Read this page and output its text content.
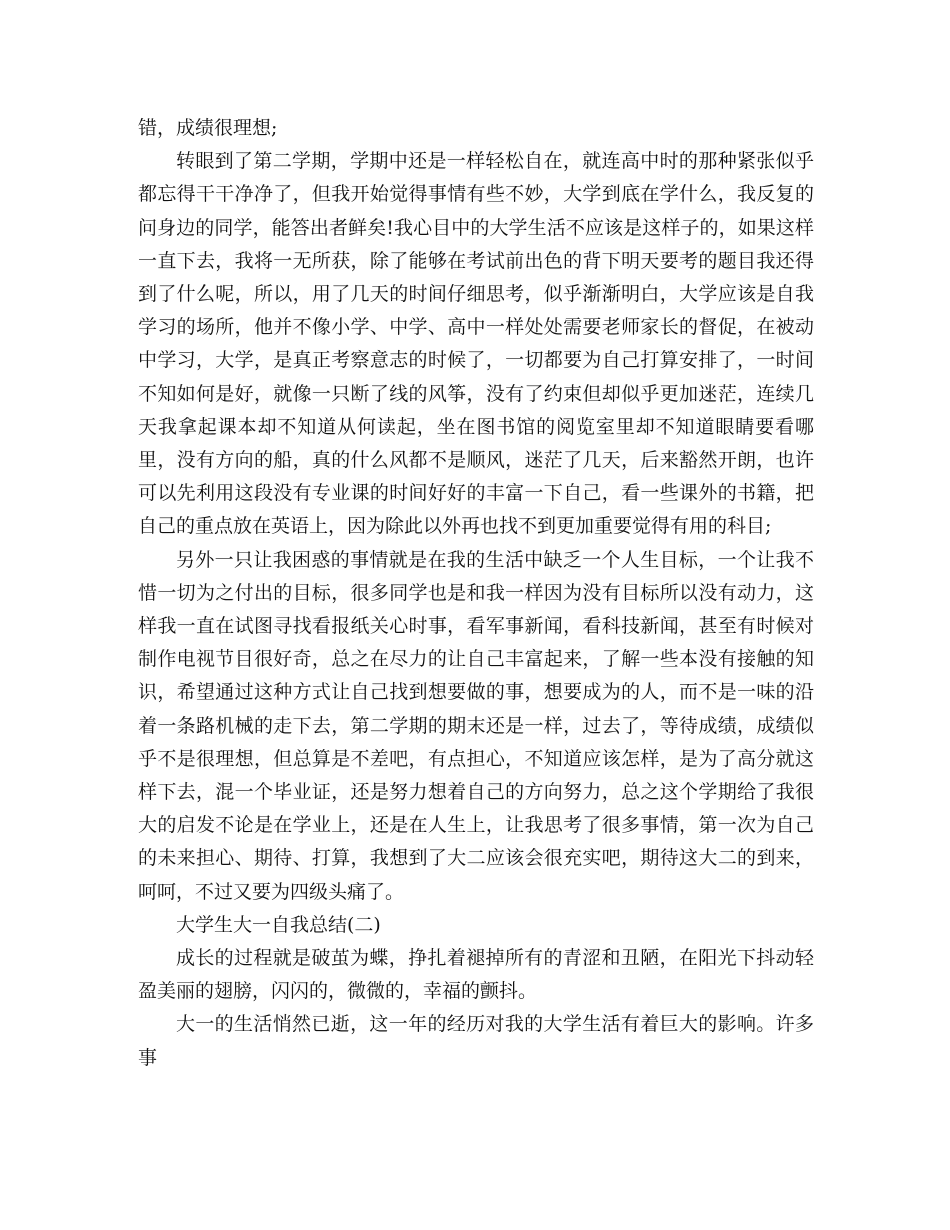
错，成绩很理想;

转眼到了第二学期，学期中还是一样轻松自在，就连高中时的那种紧张似乎都忘得干干净净了，但我开始觉得事情有些不妙，大学到底在学什么，我反复的问身边的同学，能答出者鲜矣!我心目中的大学生活不应该是这样子的，如果这样一直下去，我将一无所获，除了能够在考试前出色的背下明天要考的题目我还得到了什么呢，所以，用了几天的时间仔细思考，似乎渐渐明白，大学应该是自我学习的场所，他并不像小学、中学、高中一样处处需要老师家长的督促，在被动中学习，大学，是真正考察意志的时候了，一切都要为自己打算安排了，一时间不知如何是好，就像一只断了线的风筝，没有了约束但却似乎更加迷茫，连续几天我拿起课本却不知道从何读起，坐在图书馆的阅览室里却不知道眼睛要看哪里，没有方向的船，真的什么风都不是顺风，迷茫了几天，后来豁然开朗，也许可以先利用这段没有专业课的时间好好的丰富一下自己，看一些课外的书籍，把自己的重点放在英语上，因为除此以外再也找不到更加重要觉得有用的科目;

另外一只让我困惑的事情就是在我的生活中缺乏一个人生目标，一个让我不惜一切为之付出的目标，很多同学也是和我一样因为没有目标所以没有动力，这样我一直在试图寻找看报纸关心时事，看军事新闻，看科技新闻，甚至有时候对制作电视节目很好奇，总之在尽力的让自己丰富起来，了解一些本没有接触的知识，希望通过这种方式让自己找到想要做的事，想要成为的人，而不是一味的沿着一条路机械的走下去，第二学期的期末还是一样，过去了，等待成绩，成绩似乎不是很理想，但总算是不差吧，有点担心，不知道应该怎样，是为了高分就这样下去，混一个毕业证，还是努力想着自己的方向努力，总之这个学期给了我很大的启发不论是在学业上，还是在人生上，让我思考了很多事情，第一次为自己的未来担心、期待、打算，我想到了大二应该会很充实吧，期待这大二的到来，呵呵，不过又要为四级头痛了。

大学生大一自我总结(二)

成长的过程就是破茧为蝶，挣扎着褪掉所有的青涩和丑陋，在阳光下抖动轻盈美丽的翅膀，闪闪的，微微的，幸福的颤抖。

大一的生活悄然已逝，这一年的经历对我的大学生活有着巨大的影响。许多事
